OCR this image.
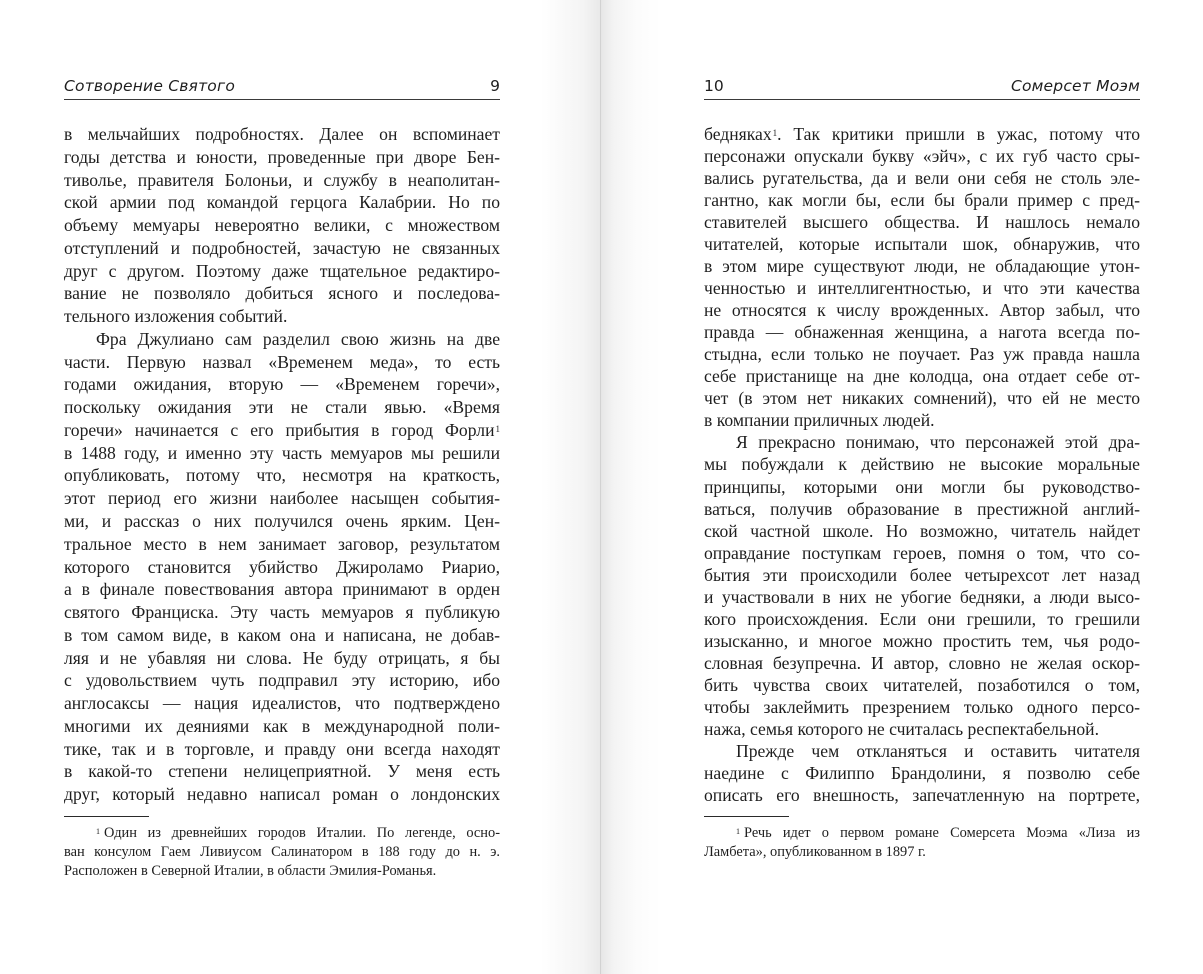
Сотворение Святого	9
в мельчайших подробностях. Далее он вспоминает
годы детства и юности, проведенные при дворе Бен-
тиволье, правителя Болоньи, и службу в неаполитан-
ской армии под командой герцога Калабрии. Но по
объему мемуары невероятно велики, с множеством
отступлений и подробностей, зачастую не связанных
друг с другом. Поэтому даже тщательное редактиро-
вание не позволяло добиться ясного и последова-
тельного изложения событий.
Фра Джулиано сам разделил свою жизнь на две
части. Первую назвал «Временем меда», то есть
годами ожидания, вторую — «Временем горечи»,
поскольку ожидания эти не стали явью. «Время
горечи» начинается с его прибытия в город Форли$^1$
в 1488 году, и именно эту часть мемуаров мы решили
опубликовать, потому что, несмотря на краткость,
этот период его жизни наиболее насыщен события-
ми, и рассказ о них получился очень ярким. Цен-
тральное место в нем занимает заговор, результатом
которого становится убийство Джироламо Риарио,
а в финале повествования автора принимают в орден
святого Франциска. Эту часть мемуаров я публикую
в том самом виде, в каком она и написана, не добав-
ляя и не убавляя ни слова. Не буду отрицать, я бы
с удовольствием чуть подправил эту историю, ибо
англосаксы — нация идеалистов, что подтверждено
многими их деяниями как в международной поли-
тике, так и в торговле, и правду они всегда находят
в какой-то степени нелицеприятной. У меня есть
друг, который недавно написал роман о лондонских
$^1$ Один из древнейших городов Италии. По легенде, осно-
ван консулом Гаем Ливиусом Салинатором в 188 году до н. э.
Расположен в Северной Италии, в области Эмилия-Романья.
10	Сомерсет Моэм
бедняках$^1$. Так критики пришли в ужас, потому что
персонажи опускали букву «эйч», с их губ часто сры-
вались ругательства, да и вели они себя не столь эле-
гантно, как могли бы, если бы брали пример с пред-
ставителей высшего общества. И нашлось немало
читателей, которые испытали шок, обнаружив, что
в этом мире существуют люди, не обладающие утон-
ченностью и интеллигентностью, и что эти качества
не относятся к числу врожденных. Автор забыл, что
правда — обнаженная женщина, а нагота всегда по-
стыдна, если только не поучает. Раз уж правда нашла
себе пристанище на дне колодца, она отдает себе от-
чет (в этом нет никаких сомнений), что ей не место
в компании приличных людей.
Я прекрасно понимаю, что персонажей этой дра-
мы побуждали к действию не высокие моральные
принципы, которыми они могли бы руководство-
ваться, получив образование в престижной англий-
ской частной школе. Но возможно, читатель найдет
оправдание поступкам героев, помня о том, что со-
бытия эти происходили более четырехсот лет назад
и участвовали в них не убогие бедняки, а люди высо-
кого происхождения. Если они грешили, то грешили
изысканно, и многое можно простить тем, чья родо-
словная безупречна. И автор, словно не желая оскор-
бить чувства своих читателей, позаботился о том,
чтобы заклеймить презрением только одного персо-
нажа, семья которого не считалась респектабельной.
Прежде чем откланяться и оставить читателя
наедине с Филиппо Брандолини, я позволю себе
описать его внешность, запечатленную на портрете,
$^1$ Речь идет о первом романе Сомерсета Моэма «Лиза из
Ламбета», опубликованном в 1897 г.
